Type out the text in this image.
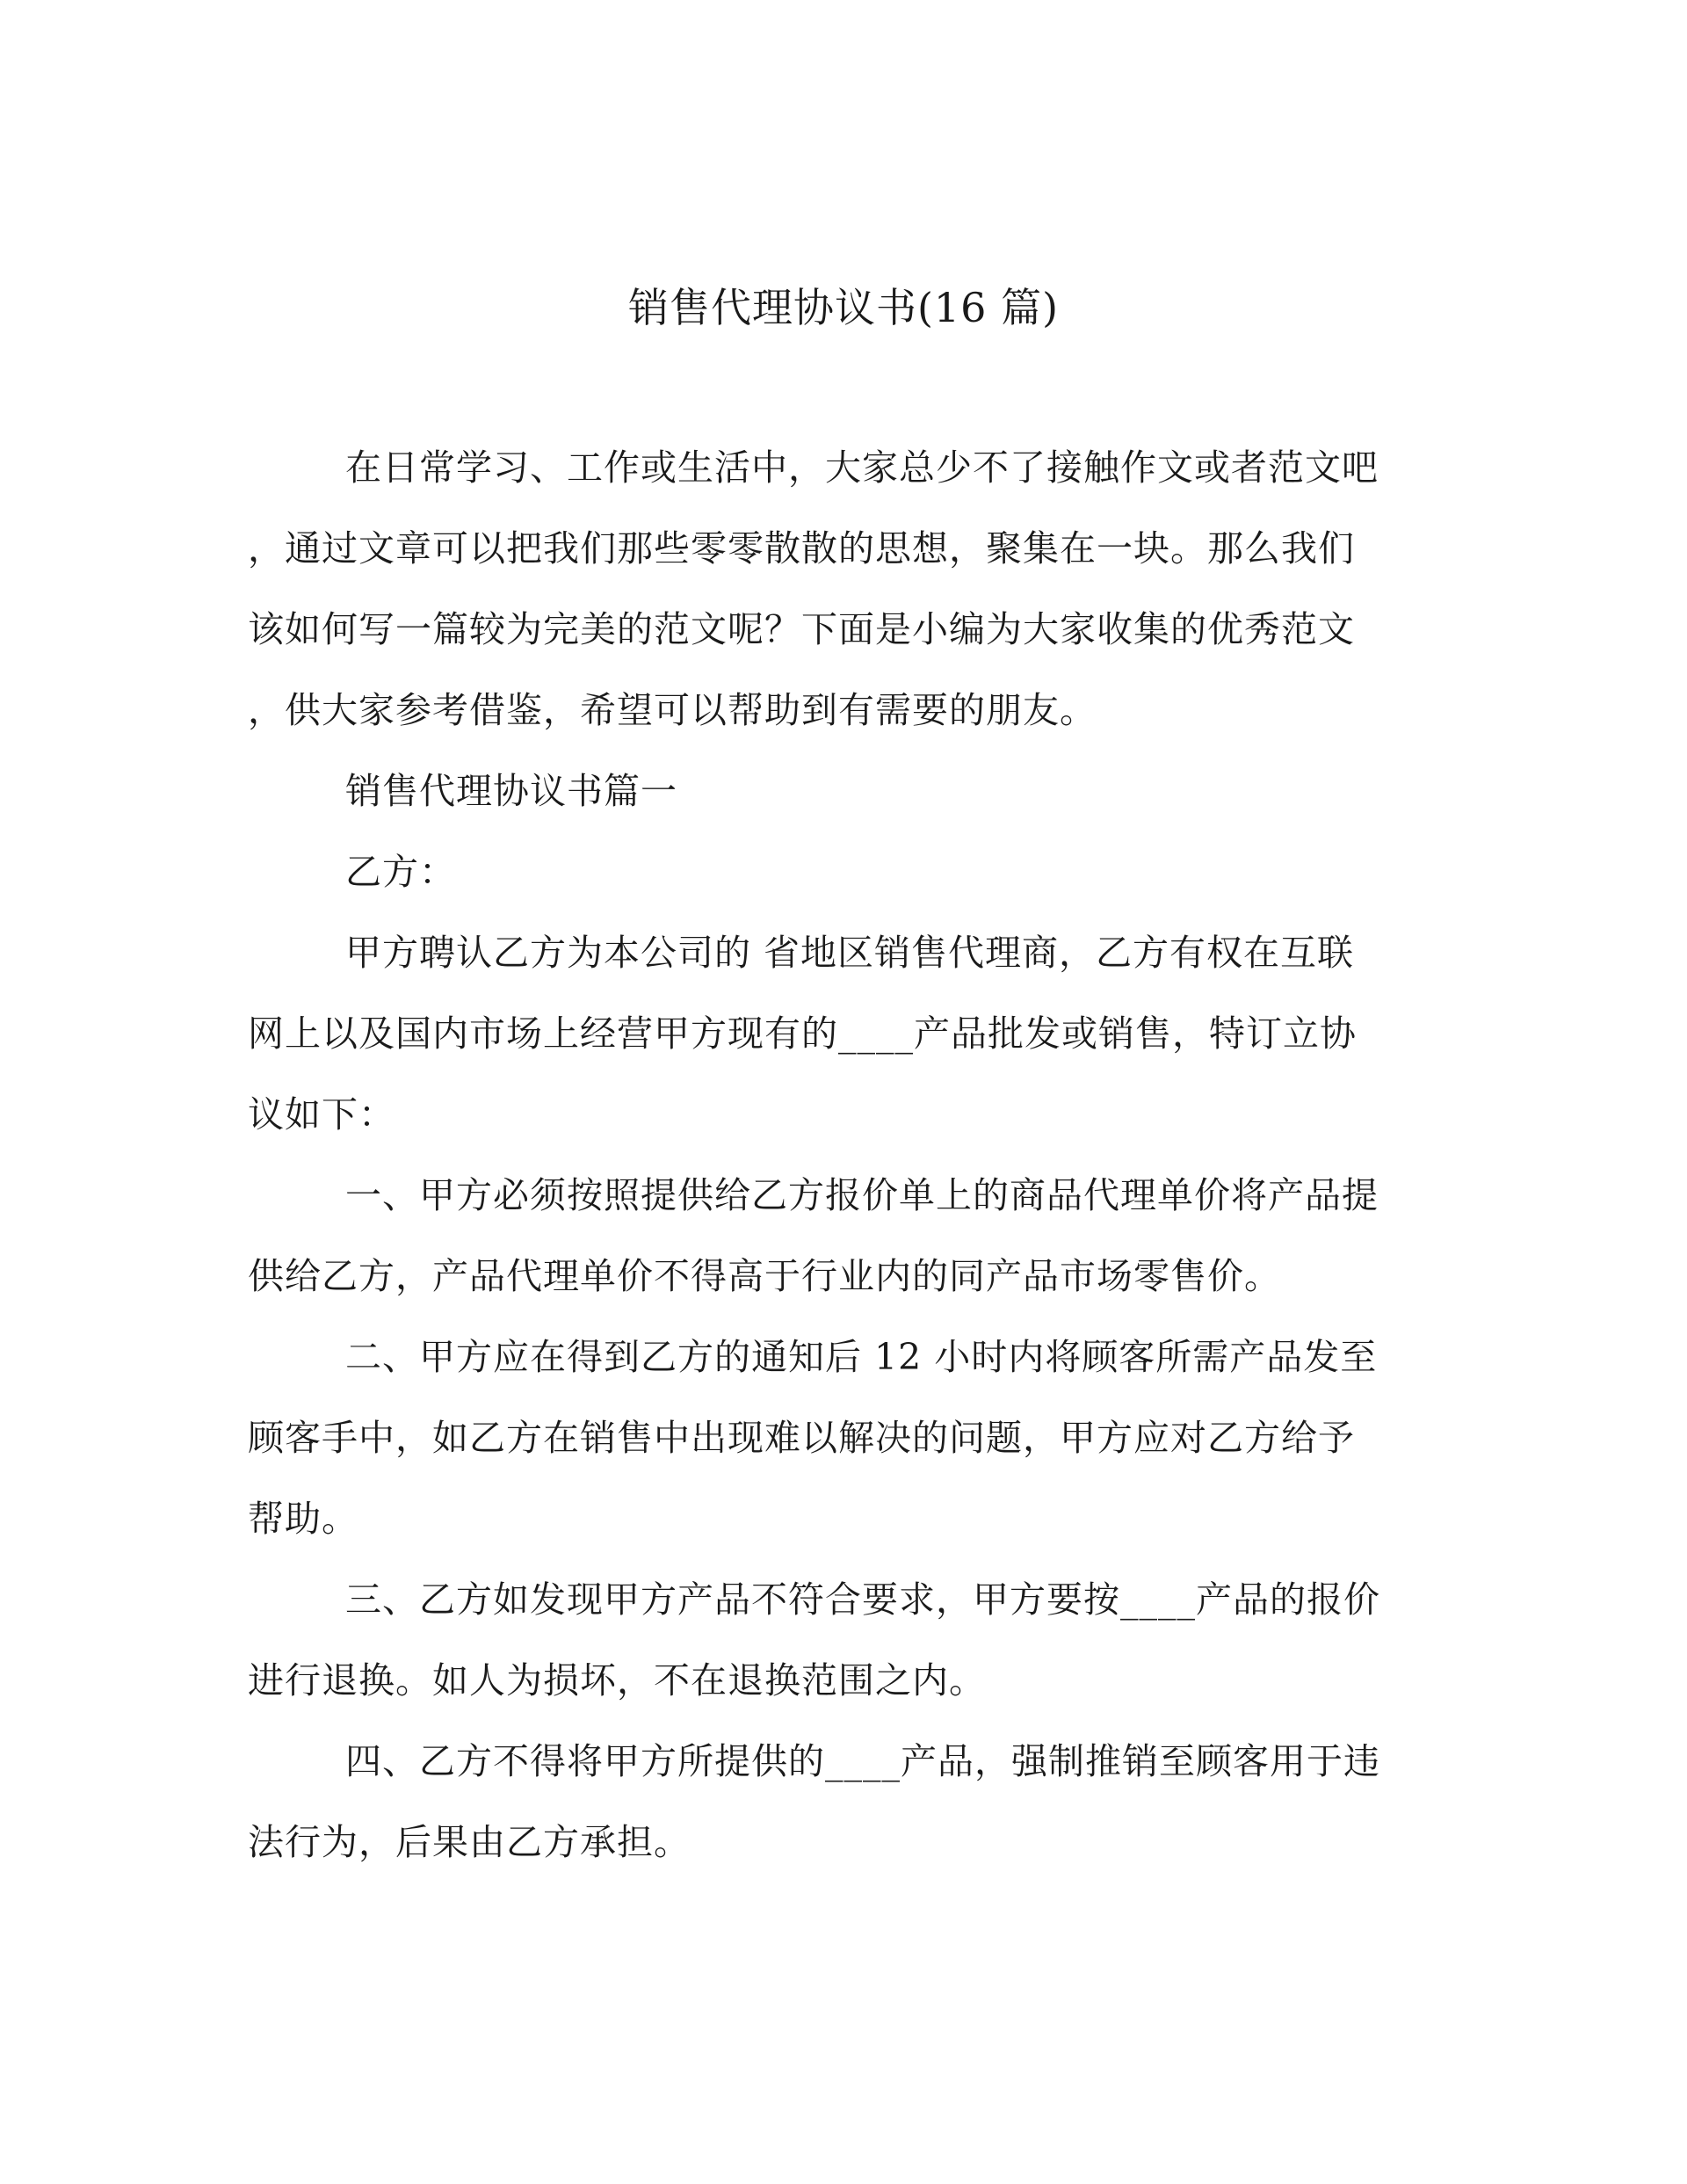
销售代理协议书(16 篇)
在日常学习、工作或生活中，大家总少不了接触作文或者范文吧
，通过文章可以把我们那些零零散散的思想，聚集在一块。那么我们
该如何写一篇较为完美的范文呢？下面是小编为大家收集的优秀范文
，供大家参考借鉴，希望可以帮助到有需要的朋友。
销售代理协议书篇一
乙方：
甲方聘认乙方为本公司的 省地区销售代理商，乙方有权在互联
网上以及国内市场上经营甲方现有的____产品批发或销售，特订立协
议如下：
一、甲方必须按照提供给乙方报价单上的商品代理单价将产品提
供给乙方，产品代理单价不得高于行业内的同产品市场零售价。
二、甲方应在得到乙方的通知后 12 小时内将顾客所需产品发至
顾客手中，如乙方在销售中出现难以解决的问题，甲方应对乙方给予
帮助。
三、乙方如发现甲方产品不符合要求，甲方要按____产品的报价
进行退换。如人为损坏，不在退换范围之内。
四、乙方不得将甲方所提供的____产品，强制推销至顾客用于违
法行为，后果由乙方承担。
